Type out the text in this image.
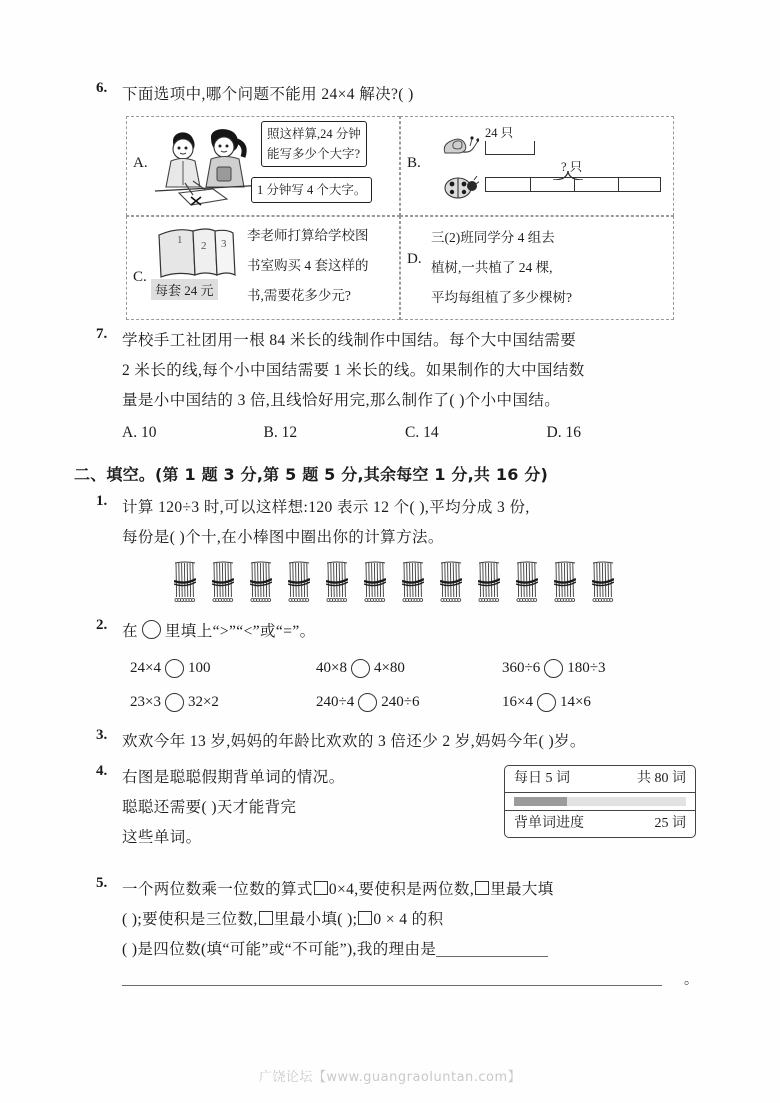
6. 下面选项中,哪个问题不能用 24×4 解决?( )
A.
照这样算,24 分钟
能写多少个大字?
1 分钟写 4 个大字。
B.
24 只
? 只
C.
1 2 3
每套 24 元
李老师打算给学校图
书室购买 4 套这样的
书,需要花多少元?
D.
三(2)班同学分 4 组去
植树,一共植了 24 棵,
平均每组植了多少棵树?
7. 学校手工社团用一根 84 米长的线制作中国结。每个大中国结需要
2 米长的线,每个小中国结需要 1 米长的线。如果制作的大中国结数
量是小中国结的 3 倍,且线恰好用完,那么制作了( )个小中国结。
A. 10	B. 12	C. 14	D. 16
二、填空。(第 1 题 3 分,第 5 题 5 分,其余每空 1 分,共 16 分)
1. 计算 120÷3 时,可以这样想:120 表示 12 个( ),平均分成 3 份,
每份是( )个十,在小棒图中圈出你的计算方法。
2. 在 里填上“>”“<”或“=”。
24×4 100	40×8 4×80	360÷6 180÷3
23×3 32×2	240÷4 240÷6	16×4 14×6
3. 欢欢今年 13 岁,妈妈的年龄比欢欢的 3 倍还少 2 岁,妈妈今年( )岁。
4. 右图是聪聪假期背单词的情况。
聪聪还需要( )天才能背完
这些单词。
每日 5 词	共 80 词
背单词进度	25 词
5. 一个两位数乘一位数的算式 0×4,要使积是两位数, 里最大填
( );要使积是三位数, 里最小填( ); 0 × 4 的积
( )是四位数(填“可能”或“不可能”),我的理由是
。
广饶论坛【www.guangraoluntan.com】
